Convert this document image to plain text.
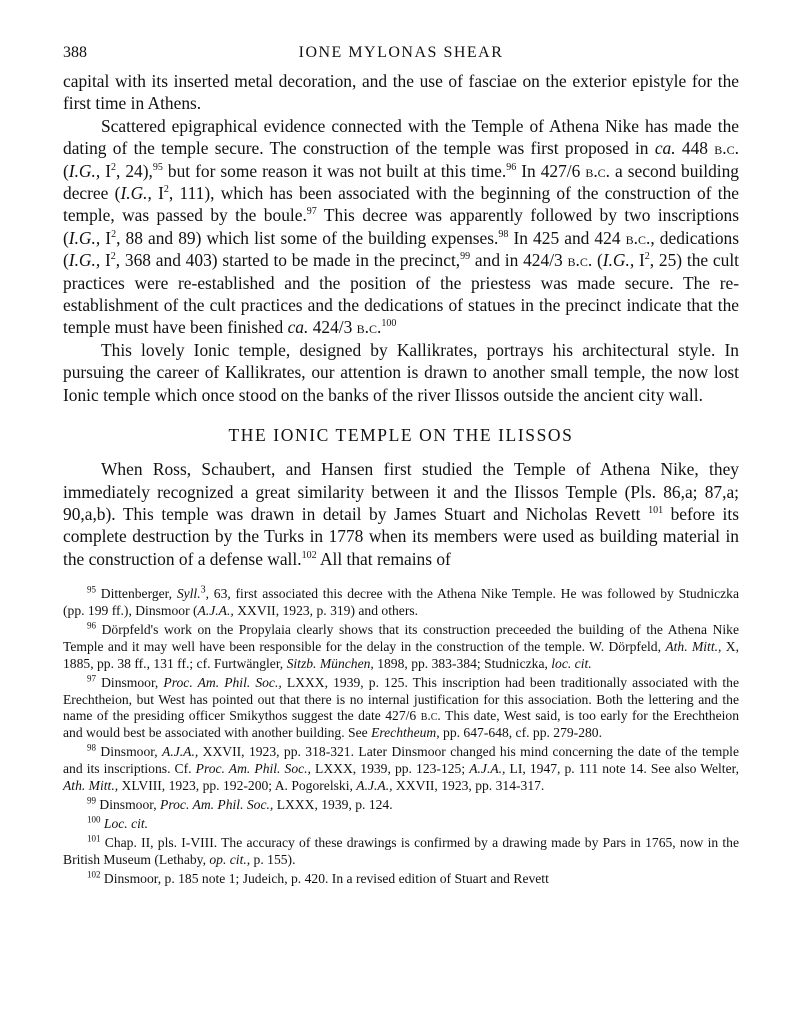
388	IONE MYLONAS SHEAR

capital with its inserted metal decoration, and the use of fasciae on the exterior epistyle for the first time in Athens.

Scattered epigraphical evidence connected with the Temple of Athena Nike has made the dating of the temple secure. The construction of the temple was first proposed in ca. 448 b.c. (I.G., $I^2$, 24),$^{95}$ but for some reason it was not built at this time.$^{96}$ In 427/6 b.c. a second building decree (I.G., $I^2$, 111), which has been associated with the beginning of the construction of the temple, was passed by the boule.$^{97}$ This decree was apparently followed by two inscriptions (I.G., $I^2$, 88 and 89) which list some of the building expenses.$^{98}$ In 425 and 424 b.c., dedications (I.G., $I^2$, 368 and 403) started to be made in the precinct,$^{99}$ and in 424/3 b.c. (I.G., $I^2$, 25) the cult practices were re-established and the position of the priestess was made secure. The re-establishment of the cult practices and the dedications of statues in the precinct indicate that the temple must have been finished ca. 424/3 b.c.$^{100}$

This lovely Ionic temple, designed by Kallikrates, portrays his architectural style. In pursuing the career of Kallikrates, our attention is drawn to another small temple, the now lost Ionic temple which once stood on the banks of the river Ilissos outside the ancient city wall.

THE IONIC TEMPLE ON THE ILISSOS

When Ross, Schaubert, and Hansen first studied the Temple of Athena Nike, they immediately recognized a great similarity between it and the Ilissos Temple (Pls. 86,a; 87,a; 90,a,b). This temple was drawn in detail by James Stuart and Nicholas Revett $^{101}$ before its complete destruction by the Turks in 1778 when its members were used as building material in the construction of a defense wall.$^{102}$ All that remains of

$^{95}$ Dittenberger, Syll.$^3$, 63, first associated this decree with the Athena Nike Temple. He was followed by Studniczka (pp. 199 ff.), Dinsmoor (A.J.A., XXVII, 1923, p. 319) and others.

$^{96}$ Dörpfeld's work on the Propylaia clearly shows that its construction preceeded the building of the Athena Nike Temple and it may well have been responsible for the delay in the construction of the temple. W. Dörpfeld, Ath. Mitt., X, 1885, pp. 38 ff., 131 ff.; cf. Furtwängler, Sitzb. München, 1898, pp. 383-384; Studniczka, loc. cit.

$^{97}$ Dinsmoor, Proc. Am. Phil. Soc., LXXX, 1939, p. 125. This inscription had been traditionally associated with the Erechtheion, but West has pointed out that there is no internal justification for this association. Both the lettering and the name of the presiding officer Smikythos suggest the date 427/6 b.c. This date, West said, is too early for the Erechtheion and would best be associated with another building. See Erechtheum, pp. 647-648, cf. pp. 279-280.

$^{98}$ Dinsmoor, A.J.A., XXVII, 1923, pp. 318-321. Later Dinsmoor changed his mind concerning the date of the temple and its inscriptions. Cf. Proc. Am. Phil. Soc., LXXX, 1939, pp. 123-125; A.J.A., LI, 1947, p. 111 note 14. See also Welter, Ath. Mitt., XLVIII, 1923, pp. 192-200; A. Pogorelski, A.J.A., XXVII, 1923, pp. 314-317.

$^{99}$ Dinsmoor, Proc. Am. Phil. Soc., LXXX, 1939, p. 124.

$^{100}$ Loc. cit.

$^{101}$ Chap. II, pls. I-VIII. The accuracy of these drawings is confirmed by a drawing made by Pars in 1765, now in the British Museum (Lethaby, op. cit., p. 155).

$^{102}$ Dinsmoor, p. 185 note 1; Judeich, p. 420. In a revised edition of Stuart and Revett
